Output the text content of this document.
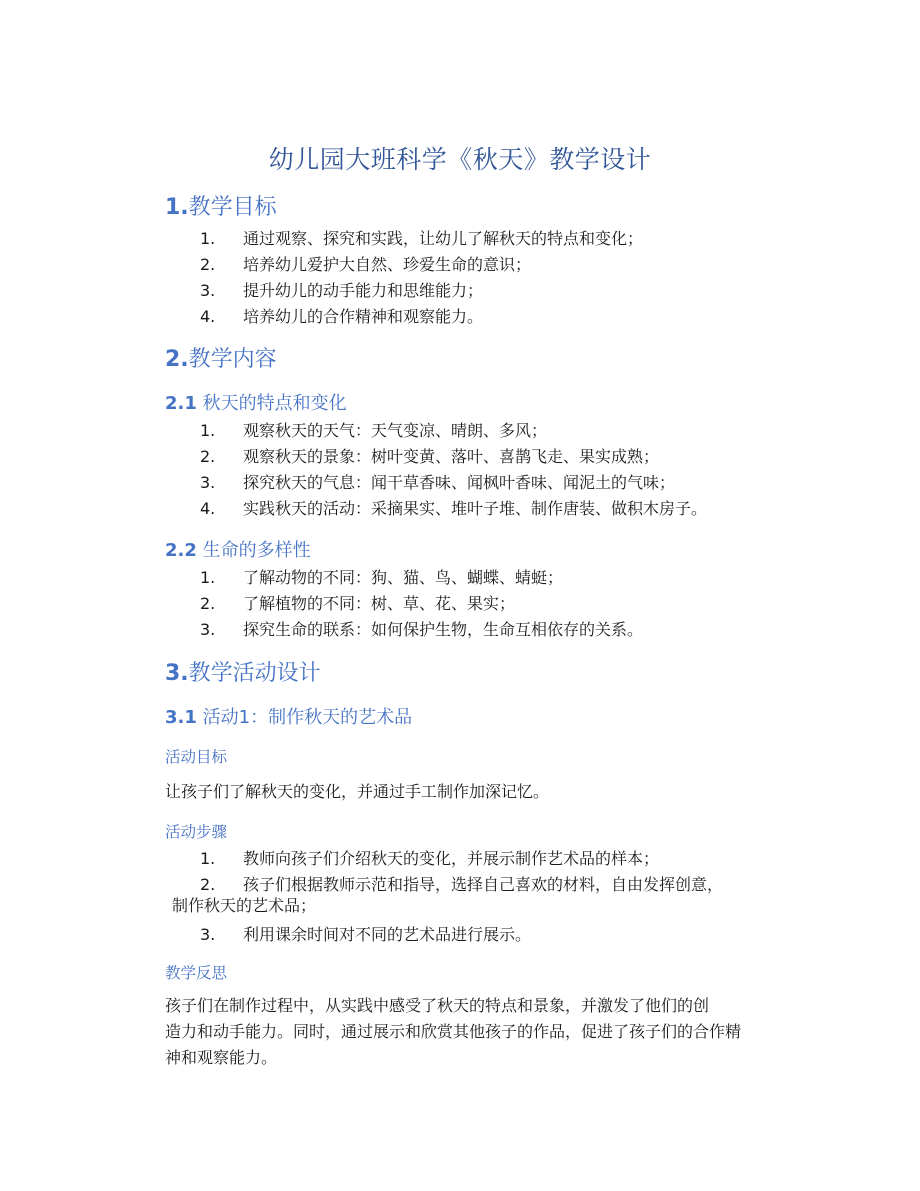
幼儿园大班科学《秋天》教学设计
1.教学目标

1. 通过观察、探究和实践，让幼儿了解秋天的特点和变化；

2. 培养幼儿爱护大自然、珍爱生命的意识；

3. 提升幼儿的动手能力和思维能力；

4. 培养幼儿的合作精神和观察能力。

2.教学内容
2.1 秋天的特点和变化

1. 观察秋天的天气：天气变凉、晴朗、多风；

2. 观察秋天的景象：树叶变黄、落叶、喜鹊飞走、果实成熟；

3. 探究秋天的气息：闻干草香味、闻枫叶香味、闻泥土的气味；

4. 实践秋天的活动：采摘果实、堆叶子堆、制作唐装、做积木房子。

2.2 生命的多样性

1. 了解动物的不同：狗、猫、鸟、蝴蝶、蜻蜓；

2. 了解植物的不同：树、草、花、果实；

3. 探究生命的联系：如何保护生物，生命互相依存的关系。

3.教学活动设计
3.1 活动1：制作秋天的艺术品
活动目标

让孩子们了解秋天的变化，并通过手工制作加深记忆。

活动步骤

1. 教师向孩子们介绍秋天的变化，并展示制作艺术品的样本；

2. 孩子们根据教师示范和指导，选择自己喜欢的材料，自由发挥创意，

制作秋天的艺术品；

3. 利用课余时间对不同的艺术品进行展示。

教学反思

孩子们在制作过程中，从实践中感受了秋天的特点和景象，并激发了他们的创

造力和动手能力。同时，通过展示和欣赏其他孩子的作品，促进了孩子们的合作精

神和观察能力。
